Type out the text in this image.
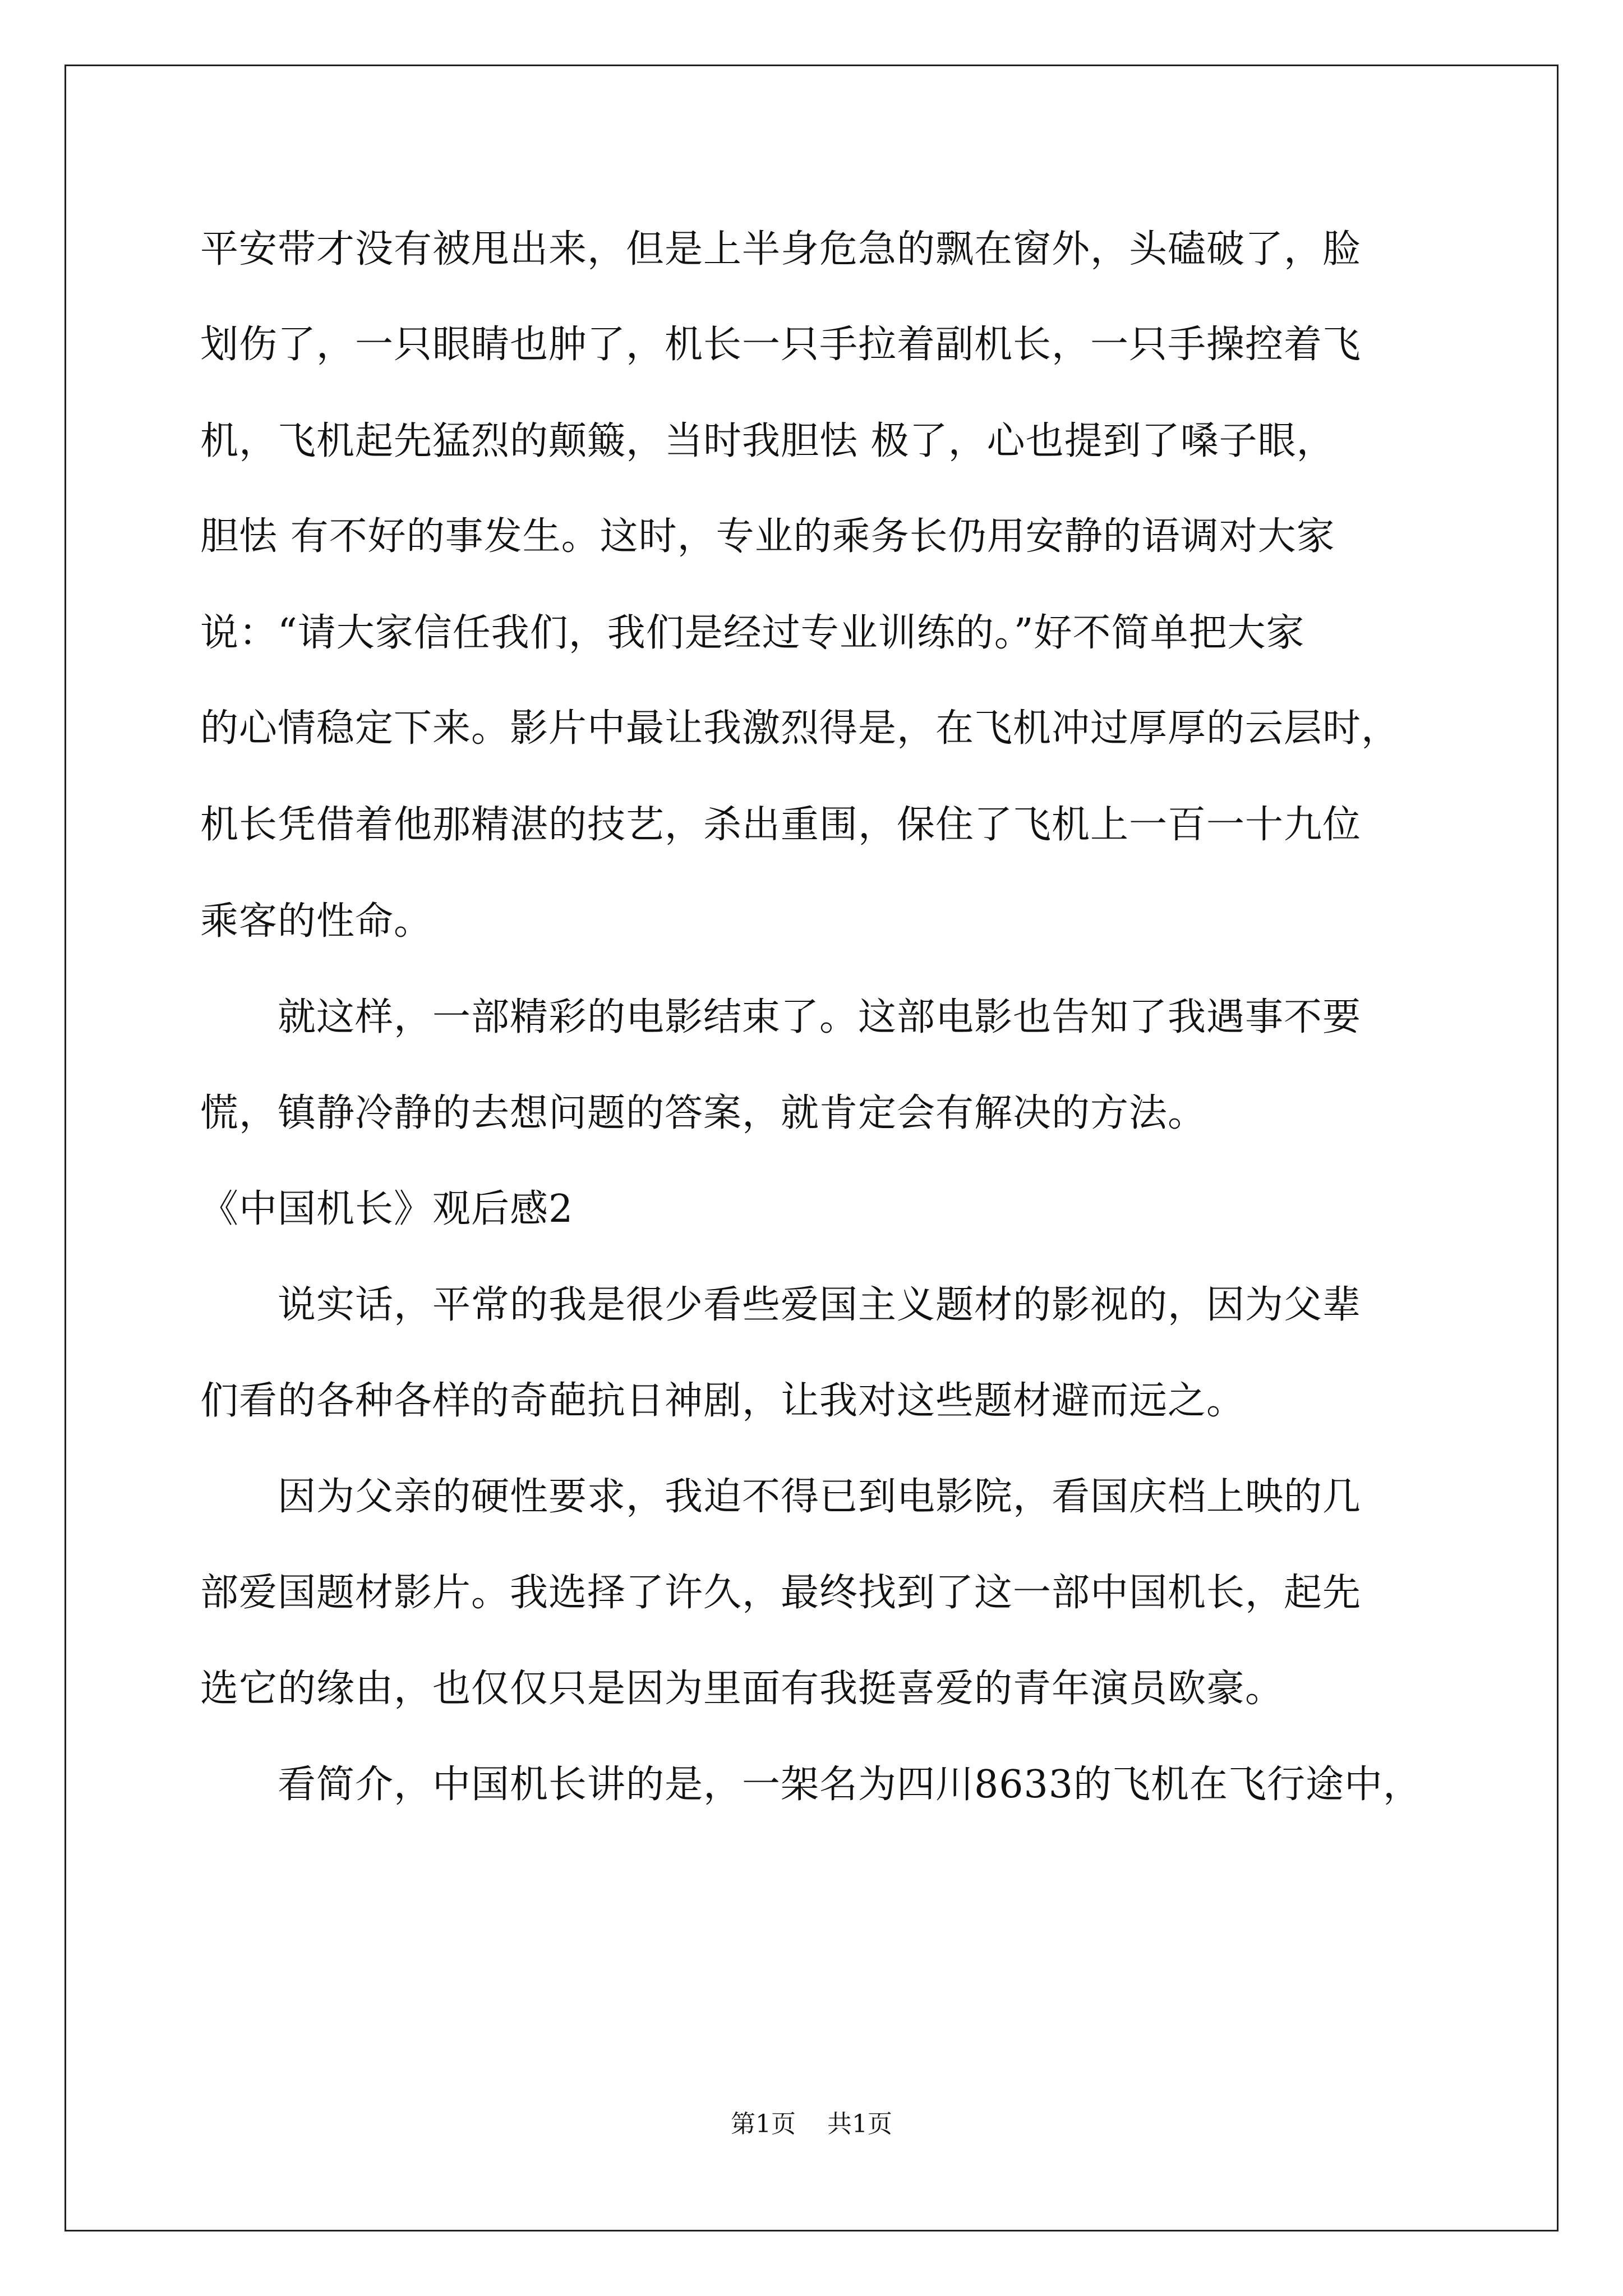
平安带才没有被甩出来，但是上半身危急的飘在窗外，头磕破了，脸
划伤了，一只眼睛也肿了，机长一只手拉着副机长，一只手操控着飞
机，飞机起先猛烈的颠簸，当时我胆怯 极了，心也提到了嗓子眼，
胆怯 有不好的事发生。这时，专业的乘务长仍用安静的语调对大家
说：“请大家信任我们，我们是经过专业训练的。”好不简单把大家
的心情稳定下来。影片中最让我激烈得是，在飞机冲过厚厚的云层时，
机长凭借着他那精湛的技艺，杀出重围，保住了飞机上一百一十九位
乘客的性命。
　　就这样，一部精彩的电影结束了。这部电影也告知了我遇事不要
慌，镇静冷静的去想问题的答案，就肯定会有解决的方法。
《中国机长》观后感2
　　说实话，平常的我是很少看些爱国主义题材的影视的，因为父辈
们看的各种各样的奇葩抗日神剧，让我对这些题材避而远之。
　　因为父亲的硬性要求，我迫不得已到电影院，看国庆档上映的几
部爱国题材影片。我选择了许久，最终找到了这一部中国机长，起先
选它的缘由，也仅仅只是因为里面有我挺喜爱的青年演员欧豪。
　　看简介，中国机长讲的是，一架名为四川8633的飞机在飞行途中，
第1页    共1页
